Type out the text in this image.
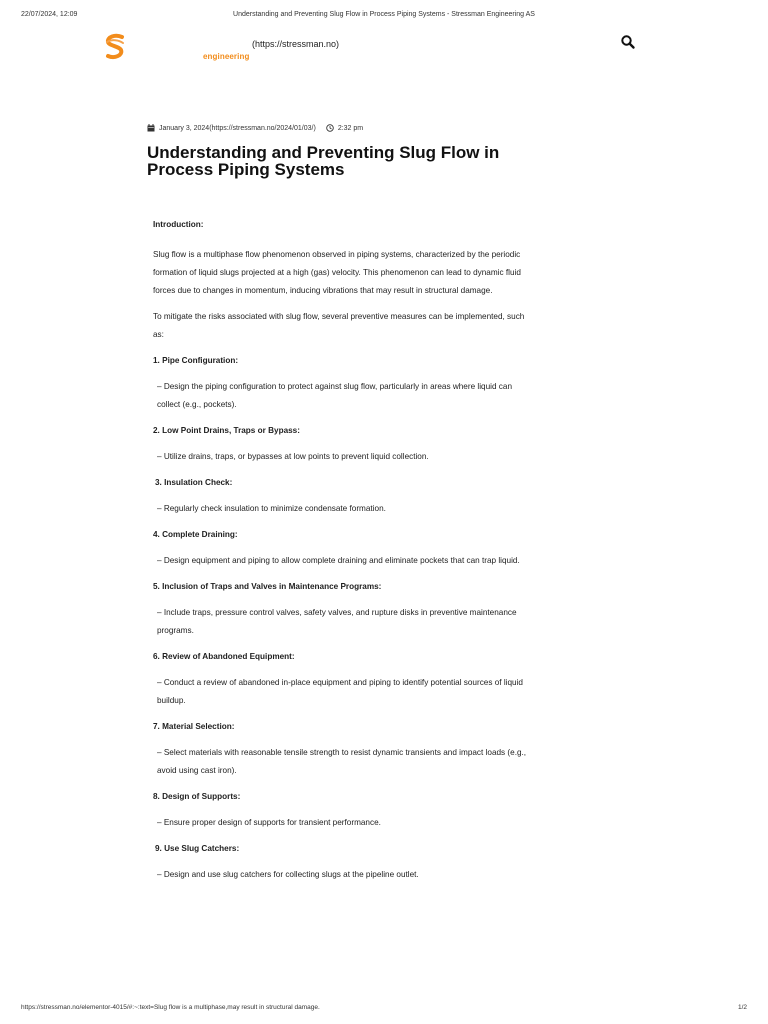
22/07/2024, 12:09	Understanding and Preventing Slug Flow in Process Piping Systems - Stressman Engineering AS
engineering
(https://stressman.no)
January 3, 2024(https://stressman.no/2024/01/03/)	2:32 pm
Understanding and Preventing Slug Flow in Process Piping Systems

Introduction:

Slug flow is a multiphase flow phenomenon observed in piping systems, characterized by the periodic formation of liquid slugs projected at a high (gas) velocity. This phenomenon can lead to dynamic fluid forces due to changes in momentum, inducing vibrations that may result in structural damage.

To mitigate the risks associated with slug flow, several preventive measures can be implemented, such as:

1. Pipe Configuration:

– Design the piping configuration to protect against slug flow, particularly in areas where liquid can collect (e.g., pockets).

2. Low Point Drains, Traps or Bypass:

– Utilize drains, traps, or bypasses at low points to prevent liquid collection.

3. Insulation Check:

– Regularly check insulation to minimize condensate formation.

4. Complete Draining:

– Design equipment and piping to allow complete draining and eliminate pockets that can trap liquid.

5. Inclusion of Traps and Valves in Maintenance Programs:

– Include traps, pressure control valves, safety valves, and rupture disks in preventive maintenance programs.

6. Review of Abandoned Equipment:

– Conduct a review of abandoned in-place equipment and piping to identify potential sources of liquid buildup.

7. Material Selection:

– Select materials with reasonable tensile strength to resist dynamic transients and impact loads (e.g., avoid using cast iron).

8. Design of Supports:

– Ensure proper design of supports for transient performance.

9. Use Slug Catchers:

– Design and use slug catchers for collecting slugs at the pipeline outlet.

https://stressman.no/elementor-4015/#:~:text=Slug flow is a multiphase,may result in structural damage.	1/2
